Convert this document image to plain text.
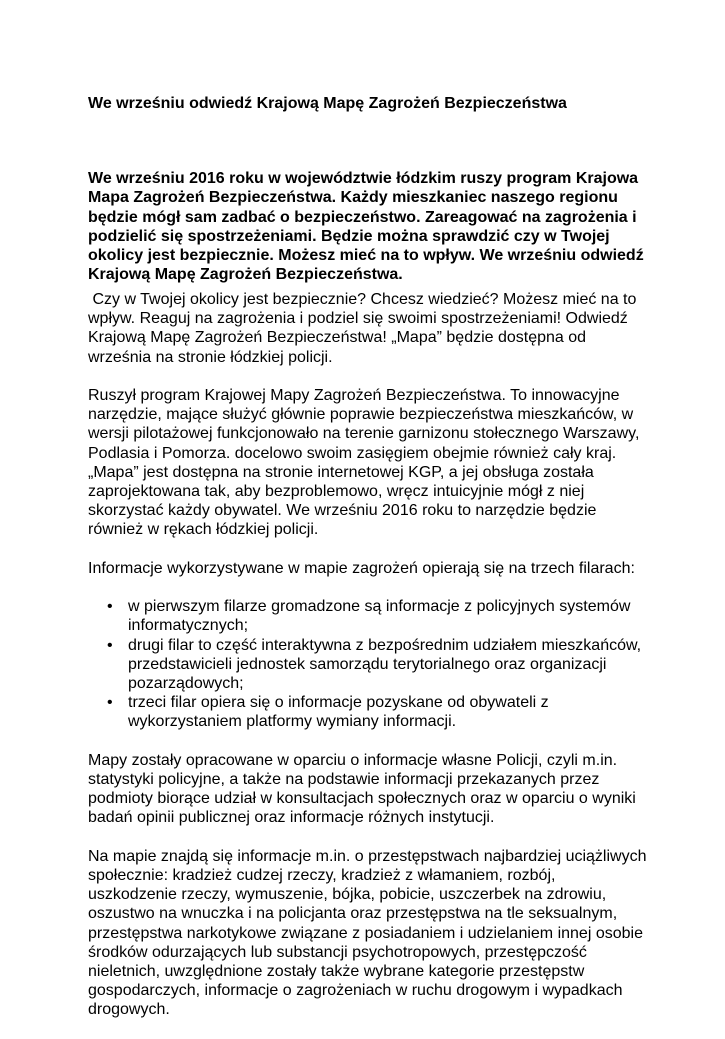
We wrześniu odwiedź Krajową Mapę Zagrożeń Bezpieczeństwa

We wrześniu 2016 roku w województwie łódzkim ruszy program Krajowa Mapa Zagrożeń Bezpieczeństwa. Każdy mieszkaniec naszego regionu będzie mógł sam zadbać o bezpieczeństwo. Zareagować na zagrożenia i podzielić się spostrzeżeniami. Będzie można sprawdzić czy w Twojej okolicy jest bezpiecznie. Możesz mieć na to wpływ. We wrześniu odwiedź Krajową Mapę Zagrożeń Bezpieczeństwa.

Czy w Twojej okolicy jest bezpiecznie? Chcesz wiedzieć? Możesz mieć na to wpływ. Reaguj na zagrożenia i podziel się swoimi spostrzeżeniami! Odwiedź Krajową Mapę Zagrożeń Bezpieczeństwa! „Mapa” będzie dostępna od  września na stronie łódzkiej policji.

Ruszył program Krajowej Mapy Zagrożeń Bezpieczeństwa. To innowacyjne narzędzie, mające służyć głównie poprawie bezpieczeństwa mieszkańców, w wersji pilotażowej funkcjonowało na terenie garnizonu stołecznego Warszawy, Podlasia i Pomorza. docelowo swoim zasięgiem obejmie również cały kraj. „Mapa” jest dostępna na stronie internetowej KGP, a jej obsługa została zaprojektowana tak, aby bezproblemowo, wręcz intuicyjnie mógł z niej skorzystać każdy obywatel. We wrześniu 2016 roku to narzędzie będzie również w rękach łódzkiej policji.

Informacje wykorzystywane w mapie zagrożeń opierają się na trzech filarach:

• w pierwszym filarze gromadzone są informacje z policyjnych systemów informatycznych;
• drugi filar to część interaktywna z bezpośrednim udziałem mieszkańców, przedstawicieli jednostek samorządu terytorialnego oraz organizacji pozarządowych;
• trzeci filar opiera się o informacje pozyskane od obywateli z wykorzystaniem platformy wymiany informacji.

Mapy zostały opracowane w oparciu o informacje własne Policji, czyli m.in. statystyki policyjne, a także na podstawie informacji przekazanych przez podmioty biorące udział w konsultacjach społecznych oraz w oparciu o wyniki badań opinii publicznej oraz informacje różnych instytucji.

Na mapie znajdą się informacje m.in. o przestępstwach najbardziej uciążliwych społecznie: kradzież cudzej rzeczy, kradzież z włamaniem, rozbój, uszkodzenie rzeczy, wymuszenie, bójka, pobicie, uszczerbek na zdrowiu, oszustwo na wnuczka i na policjanta oraz przestępstwa na tle seksualnym, przestępstwa narkotykowe związane z posiadaniem i udzielaniem innej osobie środków odurzających lub substancji psychotropowych, przestępczość nieletnich, uwzględnione zostały także wybrane kategorie przestępstw gospodarczych, informacje o zagrożeniach w ruchu drogowym i wypadkach drogowych.
